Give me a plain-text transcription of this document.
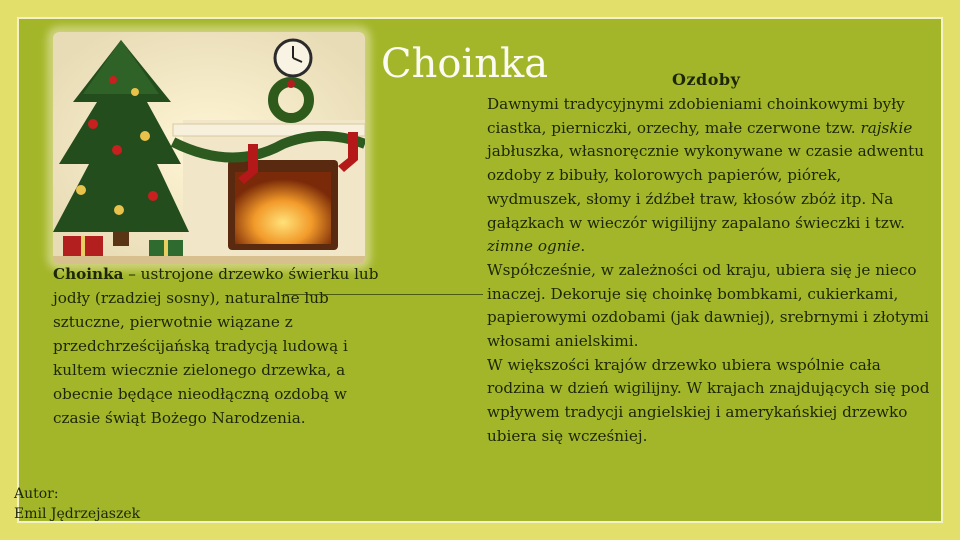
Choinka	Ozdoby

Choinka – ustrojone drzewko świerku lub jodły (rzadziej sosny), naturalne lub sztuczne, pierwotnie wiązane z przedchrześcijańską tradycją ludową i kultem wiecznie zielonego drzewka, a obecnie będące nieodłączną ozdobą w czasie świąt Bożego Narodzenia.

Dawnymi tradycyjnymi zdobieniami choinkowymi były ciastka, pierniczki, orzechy, małe czerwone tzw. rajskie jabłuszka, własnoręcznie wykonywane w czasie adwentu ozdoby z bibuły, kolorowych papierów, piórek, wydmuszek, słomy i źdźbeł traw, kłosów zbóż itp. Na gałązkach w wieczór wigilijny zapalano świeczki i tzw. zimne ognie.

Współcześnie, w zależności od kraju, ubiera się je nieco inaczej. Dekoruje się choinkę bombkami, cukierkami, papierowymi ozdobami (jak dawniej), srebrnymi i złotymi włosami anielskimi.

W większości krajów drzewko ubiera wspólnie cała rodzina w dzień wigilijny. W krajach znajdujących się pod wpływem tradycji angielskiej i amerykańskiej drzewko ubiera się wcześniej.

Autor:
Emil Jędrzejaszek
